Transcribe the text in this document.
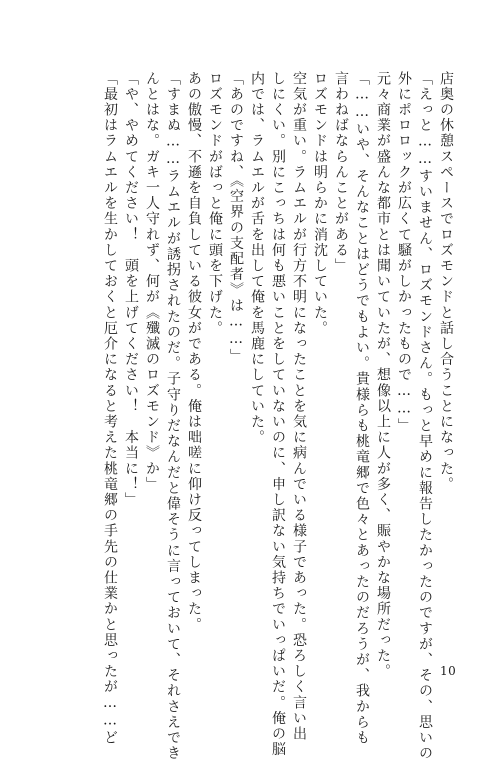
店奥の休憩スペースでロズモンドと話し合うことになった。
「えっと……すいません、ロズモンドさん。もっと早めに報告したかったのですが、その、思いの
外にポロロックが広くて騒がしかったもので……」
元々商業が盛んな都市とは聞いていたが、想像以上に人が多く、賑やかな場所だった。
「……いや、そんなことはどうでもよい。貴様らも桃竜郷で色々とあったのだろうが、我からも
言わねばならんことがある」
ロズモンドは明らかに消沈していた。
空気が重い。ラムエルが行方不明になったことを気に病んでいる様子であった。恐ろしく言い出
しにくい。別にこっちは何も悪いことをしていないのに、申し訳ない気持ちでいっぱいだ。俺の脳
内では、ラムエルが舌を出して俺を馬鹿にしていた。
「あのですね、《空界の支配者》は……」
ロズモンドがばっと俺に頭を下げた。
あの傲慢、不遜を自負している彼女がである。俺は咄嗟に仰け反ってしまった。
「すまぬ……ラムエルが誘拐されたのだ。子守りだなんだと偉そうに言っておいて、それさえでき
んとはな。ガキ一人守れず、何が《殲滅のロズモンド》か」
「や、やめてください！　頭を上げてください！　本当に！」
「最初はラムエルを生かしておくと厄介になると考えた桃竜郷の手先の仕業かと思ったが……ど	10
